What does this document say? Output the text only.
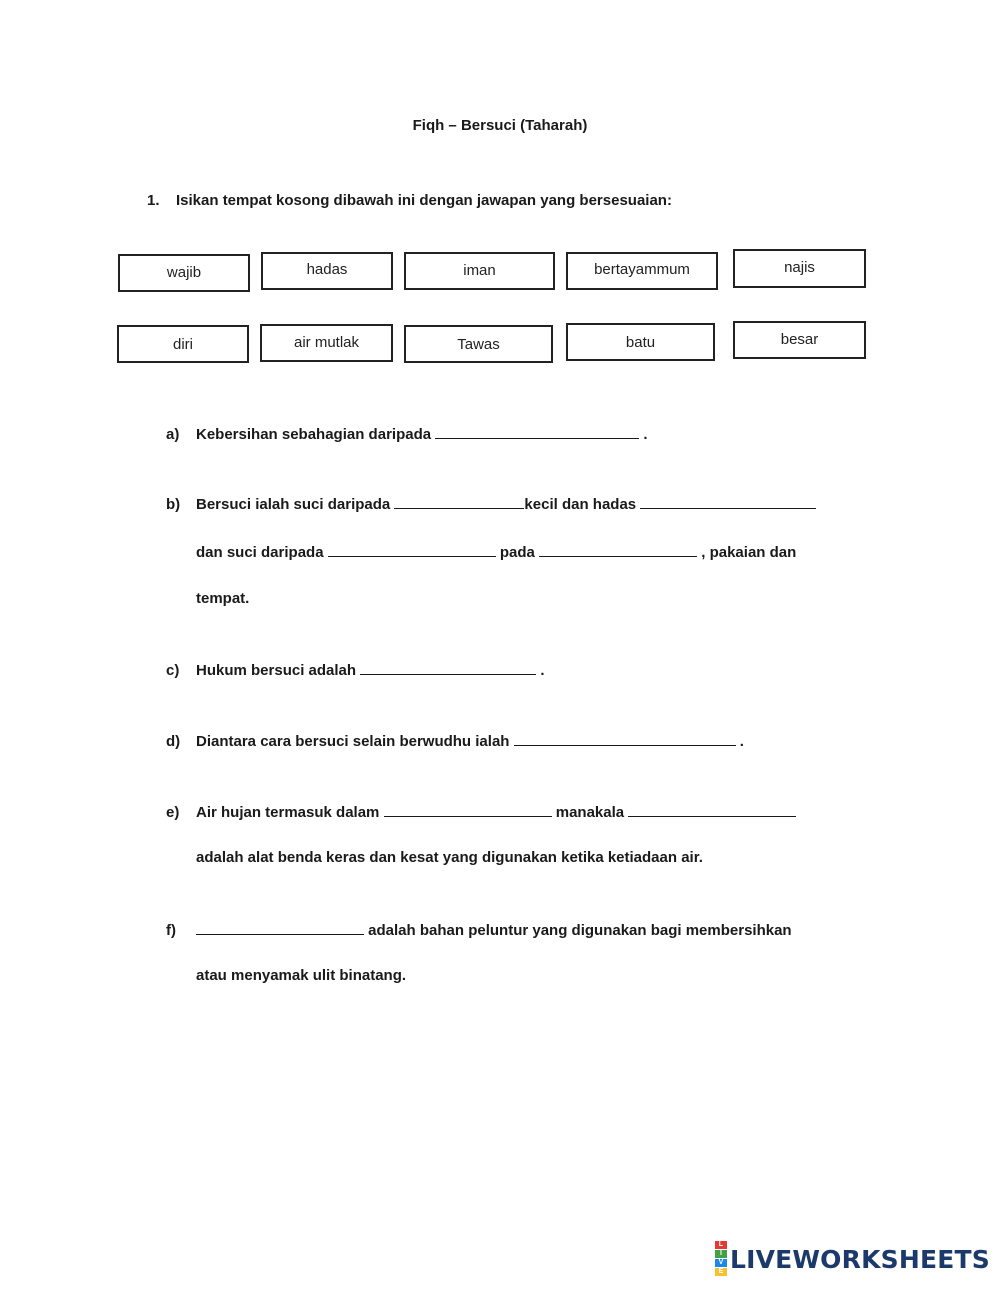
Fiqh – Bersuci (Taharah)
1. Isikan tempat kosong dibawah ini dengan jawapan yang bersesuaian:
wajib	hadas	iman	bertayammum	najis
diri	air mutlak	Tawas	batu	besar
a) Kebersihan sebahagian daripada	.
b) Bersuci ialah suci daripada	kecil dan hadas
dan suci daripada	pada	, pakaian dan
tempat.
c) Hukum bersuci adalah	.
d) Diantara cara bersuci selain berwudhu ialah	.
e) Air hujan termasuk dalam	manakala
adalah alat benda keras dan kesat yang digunakan ketika ketiadaan air.
f)	adalah bahan peluntur yang digunakan bagi membersihkan
atau menyamak ulit binatang.
L
I
V
E LIVEWORKSHEETS
